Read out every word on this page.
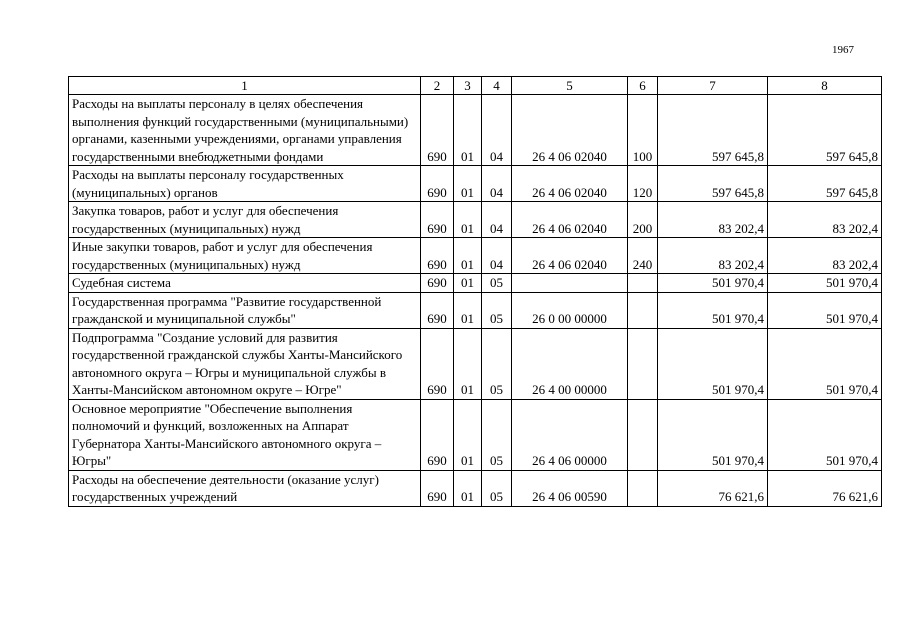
1967
1	2	3	4	5	6	7	8
Расходы на выплаты персоналу в целях обеспечения выполнения функций государственными (муниципальными) органами, казенными учреждениями, органами управления государственными внебюджетными фондами	690	01	04	26 4 06 02040	100	597 645,8	597 645,8
Расходы на выплаты персоналу государственных (муниципальных) органов	690	01	04	26 4 06 02040	120	597 645,8	597 645,8
Закупка товаров, работ и услуг для обеспечения государственных (муниципальных) нужд	690	01	04	26 4 06 02040	200	83 202,4	83 202,4
Иные закупки товаров, работ и услуг для обеспечения государственных (муниципальных) нужд	690	01	04	26 4 06 02040	240	83 202,4	83 202,4
Судебная система	690	01	05			501 970,4	501 970,4
Государственная программа "Развитие государственной гражданской и муниципальной службы"	690	01	05	26 0 00 00000		501 970,4	501 970,4
Подпрограмма "Создание условий для развития государственной гражданской службы Ханты-Мансийского автономного округа – Югры и муниципальной службы в Ханты-Мансийском автономном округе – Югре"	690	01	05	26 4 00 00000		501 970,4	501 970,4
Основное мероприятие "Обеспечение выполнения полномочий и функций, возложенных на Аппарат Губернатора Ханты-Мансийского автономного округа – Югры"	690	01	05	26 4 06 00000		501 970,4	501 970,4
Расходы на обеспечение деятельности (оказание услуг) государственных учреждений	690	01	05	26 4 06 00590		76 621,6	76 621,6
